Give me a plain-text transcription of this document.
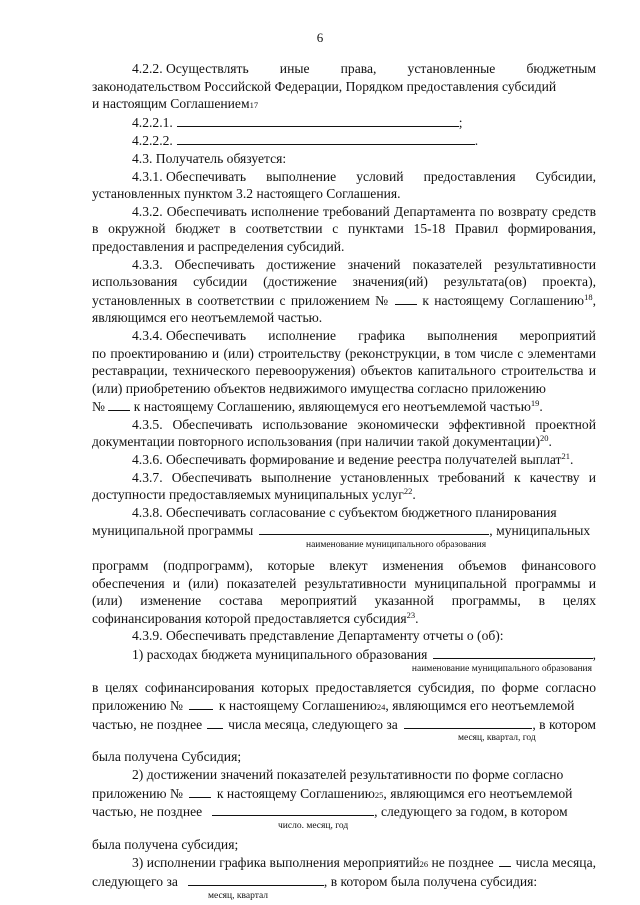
6
4.2.2. Осуществлять иные права, установленные бюджетным
законодательством Российской Федерации, Порядком предоставления субсидий
и настоящим Соглашением 17
4.2.2.1.	;
4.2.2.2.	.
4.3. Получатель обязуется:
4.3.1. Обеспечивать выполнение условий предоставления Субсидии,
установленных пунктом 3.2 настоящего Соглашения.

4.3.2. Обеспечивать исполнение требований Департамента по возврату средств в окружной бюджет в соответствии с пунктами 15-18 Правил формирования, предоставления и распределения субсидий.

4.3.3. Обеспечивать достижение значений показателей результативности использования субсидии (достижение значения(ий) результата(ов) проекта), установленных в соответствии с приложением № к настоящему Соглашению$^{18}$, являющимся его неотъемлемой частью.

4.3.4. Обеспечивать исполнение графика выполнения мероприятий

по проектированию и (или) строительству (реконструкции, в том числе с элементами реставрации, технического перевооружения) объектов капитального строительства и (или) приобретению объектов недвижимого имущества согласно приложению
№ к настоящему Соглашению, являющемуся его неотъемлемой частью$^{19}$.

4.3.5. Обеспечивать использование экономически эффективной проектной документации повторного использования (при наличии такой документации)$^{20}$.

4.3.6. Обеспечивать формирование и ведение реестра получателей выплат$^{21}$.

4.3.7. Обеспечивать выполнение установленных требований к качеству и доступности предоставляемых муниципальных услуг$^{22}$.

4.3.8. Обеспечивать согласование с субъектом бюджетного планирования
муниципальной программы	, муниципальных
наименование муниципального образования

программ (подпрограмм), которые влекут изменения объемов финансового обеспечения и (или) показателей результативности муниципальной программы и (или) изменение состава мероприятий указанной программы, в целях софинансирования которой предоставляется субсидия$^{23}$.

4.3.9. Обеспечивать представление Департаменту отчеты о (об):
1) расходах бюджета муниципального образования	,
наименование муниципального образования
в целях софинансирования которых предоставляется субсидия, по форме согласно
приложению №	к настоящему Соглашению 24 , являющимся его неотъемлемой
частью, не позднее числа месяца, следующего за	, в котором
месяц, квартал, год
была получена Субсидия;
2) достижении значений показателей результативности по форме согласно
приложению №	к настоящему Соглашению 25 , являющимся его неотъемлемой
частью, не позднее	, следующего за годом, в котором
число. месяц, год
была получена субсидия;
3) исполнении графика выполнения мероприятий 26
не позднее числа месяца,
следующего за	, в котором была получена субсидия:
месяц, квартал
